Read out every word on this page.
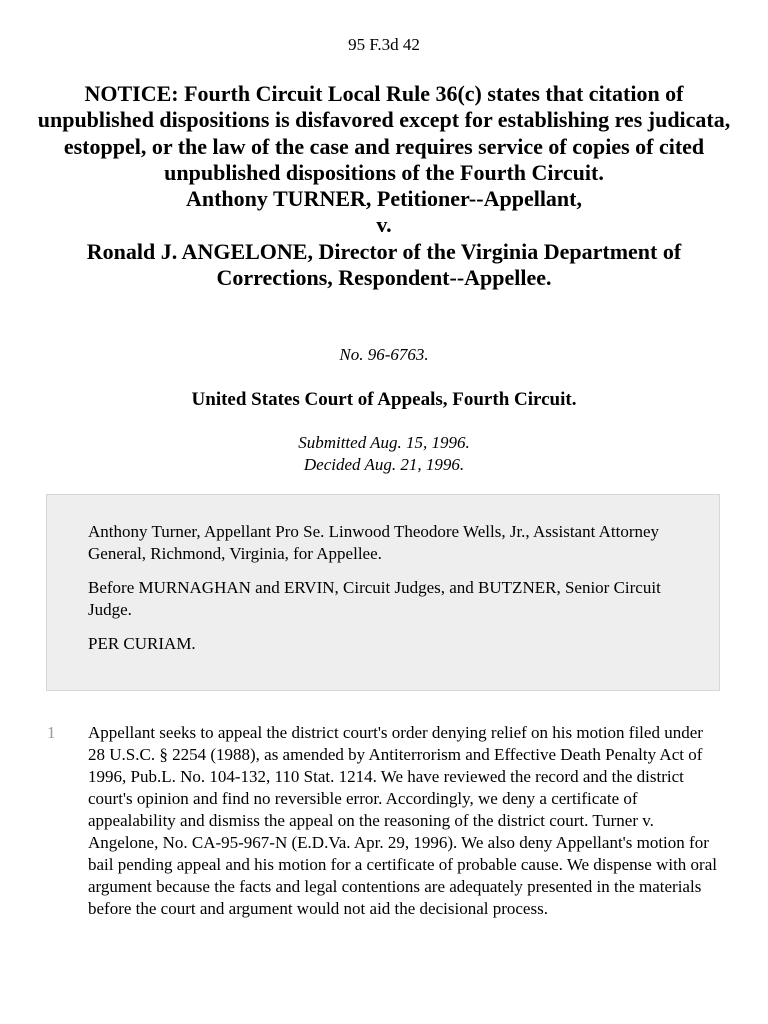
95 F.3d 42
NOTICE: Fourth Circuit Local Rule 36(c) states that citation of unpublished dispositions is disfavored except for establishing res judicata, estoppel, or the law of the case and requires service of copies of cited unpublished dispositions of the Fourth Circuit.
Anthony TURNER, Petitioner--Appellant,
v.
Ronald J. ANGELONE, Director of the Virginia Department of Corrections, Respondent--Appellee.
No. 96-6763.
United States Court of Appeals, Fourth Circuit.
Submitted Aug. 15, 1996.
Decided Aug. 21, 1996.

Anthony Turner, Appellant Pro Se. Linwood Theodore Wells, Jr., Assistant Attorney General, Richmond, Virginia, for Appellee.

Before MURNAGHAN and ERVIN, Circuit Judges, and BUTZNER, Senior Circuit Judge.

PER CURIAM.

1 Appellant seeks to appeal the district court's order denying relief on his motion filed under 28 U.S.C. § 2254 (1988), as amended by Antiterrorism and Effective Death Penalty Act of 1996, Pub.L. No. 104-132, 110 Stat. 1214. We have reviewed the record and the district court's opinion and find no reversible error. Accordingly, we deny a certificate of appealability and dismiss the appeal on the reasoning of the district court. Turner v. Angelone, No. CA-95-967-N (E.D.Va. Apr. 29, 1996). We also deny Appellant's motion for bail pending appeal and his motion for a certificate of probable cause. We dispense with oral argument because the facts and legal contentions are adequately presented in the materials before the court and argument would not aid the decisional process.
